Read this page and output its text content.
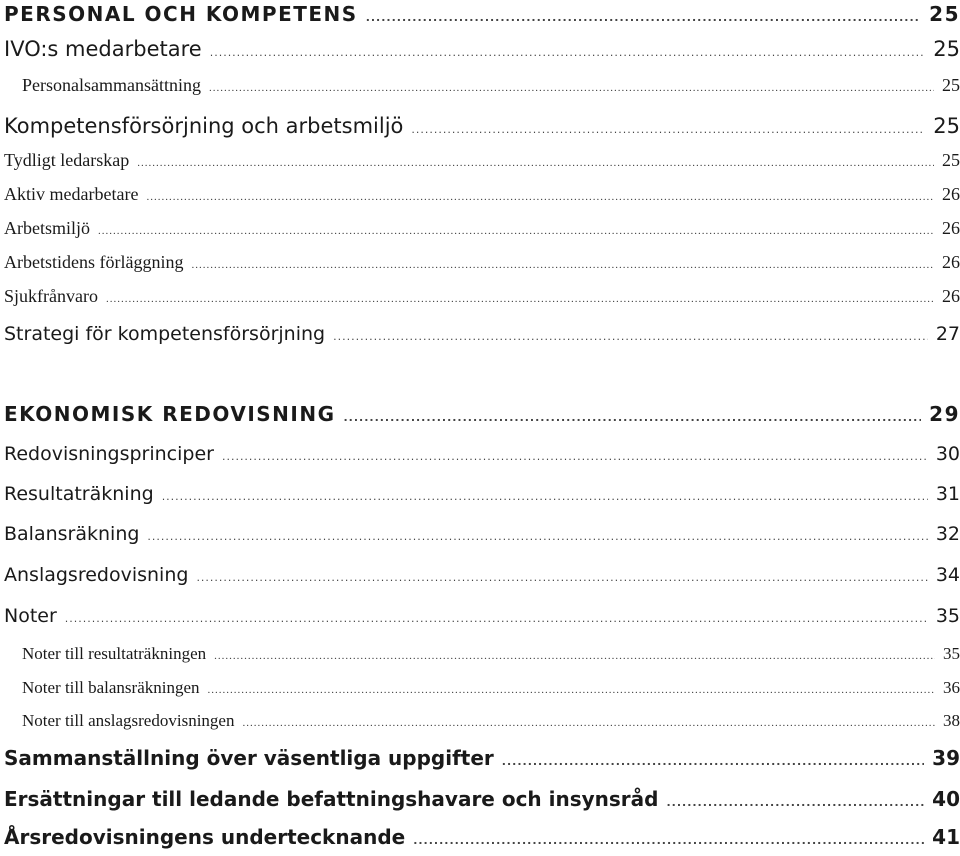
PERSONAL OCH KOMPETENS .....	25
IVO:s medarbetare .....	25
Personalsammansättning .....	25
Kompetensförsörjning och arbetsmiljö .....	25
Tydligt ledarskap .....	25
Aktiv medarbetare .....	26
Arbetsmiljö .....	26
Arbetstidens förläggning .....	26
Sjukfrånvaro .....	26
Strategi för kompetensförsörjning .....	27
EKONOMISK REDOVISNING .....	29
Redovisningsprinciper .....	30
Resultaträkning .....	31
Balansräkning .....	32
Anslagsredovisning .....	34
Noter .....	35
Noter till resultaträkningen .....	35
Noter till balansräkningen .....	36
Noter till anslagsredovisningen .....	38
Sammanställning över väsentliga uppgifter .....	39
Ersättningar till ledande befattningshavare och insynsråd .....	40
Årsredovisningens undertecknande .....	41
